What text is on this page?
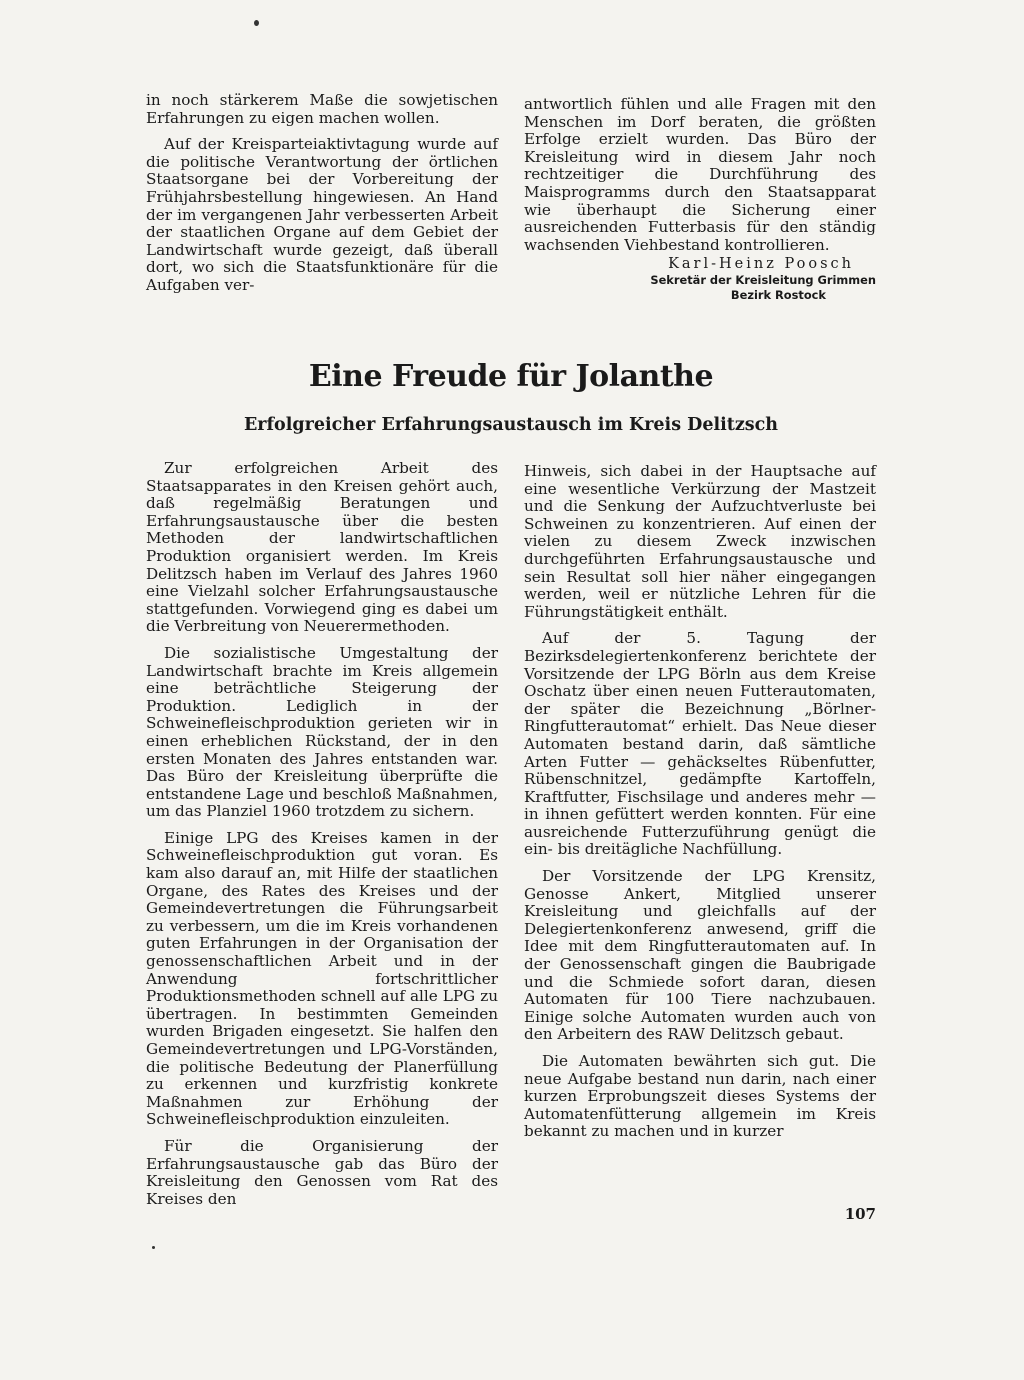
in noch stärkerem Maße die sowjetischen Erfahrungen zu eigen machen wollen.

Auf der Kreisparteiaktivtagung wurde auf die politische Verantwortung der örtlichen Staatsorgane bei der Vorbereitung der Frühjahrsbestellung hingewiesen. An Hand der im vergangenen Jahr verbesserten Arbeit der staatlichen Organe auf dem Gebiet der Landwirtschaft wurde gezeigt, daß überall dort, wo sich die Staatsfunktionäre für die Aufgaben ver-

antwortlich fühlen und alle Fragen mit den Menschen im Dorf beraten, die größten Erfolge erzielt wurden. Das Büro der Kreisleitung wird in diesem Jahr noch rechtzeitiger die Durchführung des Maisprogramms durch den Staatsapparat wie überhaupt die Sicherung einer ausreichenden Futterbasis für den ständig wachsenden Viehbestand kontrollieren.

Karl-Heinz Poosch
Sekretär der Kreisleitung Grimmen
Bezirk Rostock
Eine Freude für Jolanthe
Erfolgreicher Erfahrungsaustausch im Kreis Delitzsch

Zur erfolgreichen Arbeit des Staatsapparates in den Kreisen gehört auch, daß regelmäßig Beratungen und Erfahrungsaustausche über die besten Methoden der landwirtschaftlichen Produktion organisiert werden. Im Kreis Delitzsch haben im Verlauf des Jahres 1960 eine Vielzahl solcher Erfahrungsaustausche stattgefunden. Vorwiegend ging es dabei um die Verbreitung von Neuerermethoden.

Die sozialistische Umgestaltung der Landwirtschaft brachte im Kreis allgemein eine beträchtliche Steigerung der Produktion. Lediglich in der Schweinefleischproduktion gerieten wir in einen erheblichen Rückstand, der in den ersten Monaten des Jahres entstanden war. Das Büro der Kreisleitung überprüfte die entstandene Lage und beschloß Maßnahmen, um das Planziel 1960 trotzdem zu sichern.

Einige LPG des Kreises kamen in der Schweinefleischproduktion gut voran. Es kam also darauf an, mit Hilfe der staatlichen Organe, des Rates des Kreises und der Gemeindevertretungen die Führungsarbeit zu verbessern, um die im Kreis vorhandenen guten Erfahrungen in der Organisation der genossenschaftlichen Arbeit und in der Anwendung fortschrittlicher Produktionsmethoden schnell auf alle LPG zu übertragen. In bestimmten Gemeinden wurden Brigaden eingesetzt. Sie halfen den Gemeindevertretungen und LPG-Vorständen, die politische Bedeutung der Planerfüllung zu erkennen und kurzfristig konkrete Maßnahmen zur Erhöhung der Schweinefleischproduktion einzuleiten.

Für die Organisierung der Erfahrungsaustausche gab das Büro der Kreisleitung den Genossen vom Rat des Kreises den

Hinweis, sich dabei in der Hauptsache auf eine wesentliche Verkürzung der Mastzeit und die Senkung der Aufzuchtverluste bei Schweinen zu konzentrieren. Auf einen der vielen zu diesem Zweck inzwischen durchgeführten Erfahrungsaustausche und sein Resultat soll hier näher eingegangen werden, weil er nützliche Lehren für die Führungstätigkeit enthält.

Auf der 5. Tagung der Bezirksdelegiertenkonferenz berichtete der Vorsitzende der LPG Börln aus dem Kreise Oschatz über einen neuen Futterautomaten, der später die Bezeichnung „Börlner-Ringfutterautomat“ erhielt. Das Neue dieser Automaten bestand darin, daß sämtliche Arten Futter — gehäckseltes Rübenfutter, Rübenschnitzel, gedämpfte Kartoffeln, Kraftfutter, Fischsilage und anderes mehr — in ihnen gefüttert werden konnten. Für eine ausreichende Futterzuführung genügt die ein- bis dreitägliche Nachfüllung.

Der Vorsitzende der LPG Krensitz, Genosse Ankert, Mitglied unserer Kreisleitung und gleichfalls auf der Delegiertenkonferenz anwesend, griff die Idee mit dem Ringfutterautomaten auf. In der Genossenschaft gingen die Baubrigade und die Schmiede sofort daran, diesen Automaten für 100 Tiere nachzubauen. Einige solche Automaten wurden auch von den Arbeitern des RAW Delitzsch gebaut.

Die Automaten bewährten sich gut. Die neue Aufgabe bestand nun darin, nach einer kurzen Erprobungszeit dieses Systems der Automatenfütterung allgemein im Kreis bekannt zu machen und in kurzer

107
